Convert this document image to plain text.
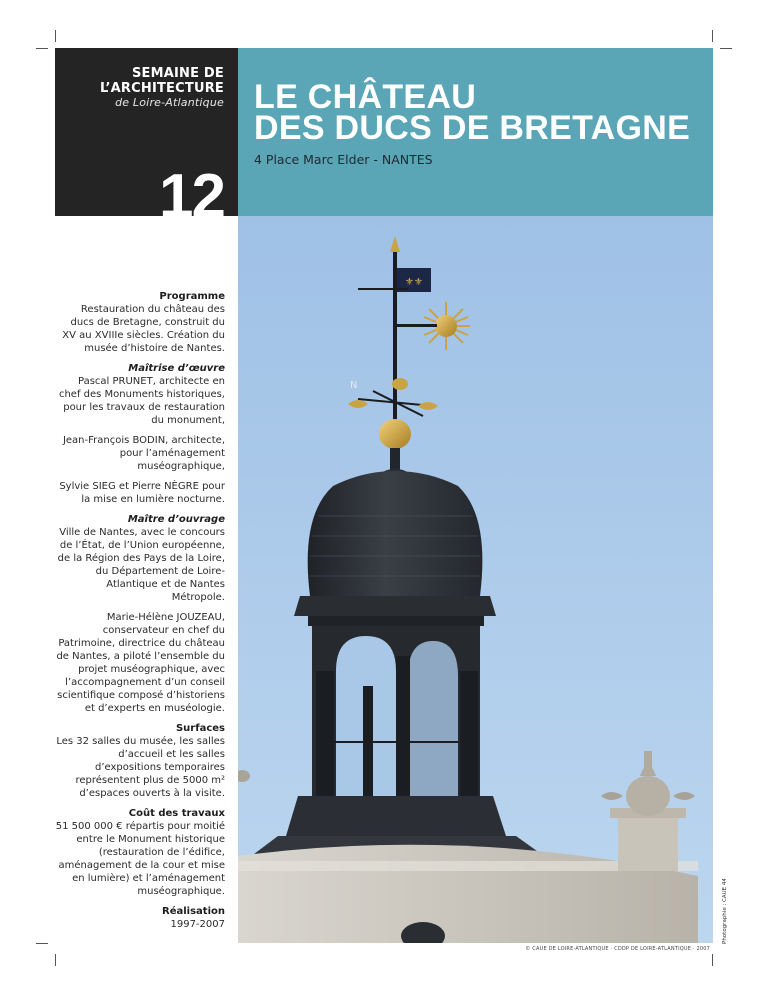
SEMAINE DE
L’ARCHITECTURE
de Loire-Atlantique
12
LE CHÂTEAU
DES DUCS DE BRETAGNE
4 Place Marc Elder - NANTES
⚜⚜
N
Photographie : CAUE 44
© CAUE DE LOIRE-ATLANTIQUE · CDDP DE LOIRE-ATLANTIQUE · 2007
Programme
Restauration du château des ducs de Bretagne, construit du XV au XVIIIe siècles. Création du musée d’histoire de Nantes.
Maîtrise d’œuvre

Pascal PRUNET, architecte en chef des Monuments historiques, pour les travaux de restauration du monument,

Jean-François BODIN, architecte, pour l’aménagement muséographique,

Sylvie SIEG et Pierre NÈGRE pour la mise en lumière nocturne.

Maître d’ouvrage

Ville de Nantes, avec le concours de l’État, de l’Union européenne, de la Région des Pays de la Loire, du Département de Loire-Atlantique et de Nantes Métropole.

Marie-Hélène JOUZEAU, conservateur en chef du Patrimoine, directrice du château de Nantes, a piloté l’ensemble du projet muséographique, avec l’accompagnement d’un conseil scientifique composé d’historiens et d’experts en muséologie.

Surfaces
Les 32 salles du musée, les salles d’accueil et les salles d’expositions temporaires représentent plus de 5000 m² d’espaces ouverts à la visite.
Coût des travaux
51 500 000 € répartis pour moitié entre le Monument historique (restauration de l’édifice, aménagement de la cour et mise en lumière) et l’aménagement muséographique.
Réalisation
1997-2007
